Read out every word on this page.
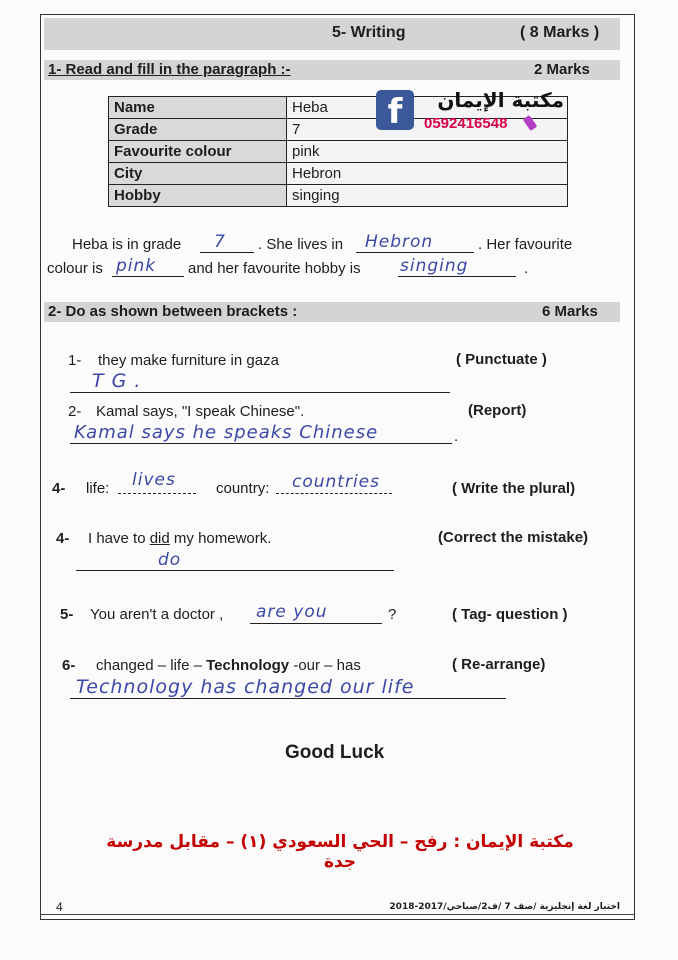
5- Writing	( 8 Marks )
1- Read and fill in the paragraph :-	2 Marks
Name	Heba
Grade	7
Favourite colour	pink
City	Hebron
Hobby	singing
f	مكتبة الإيمان
0592416548
Heba is in grade 7 . She lives in Hebron	. Her favourite
colour is pink and her favourite hobby is singing	.
2- Do as shown between brackets :	6 Marks
1- they make furniture in gaza	( Punctuate )
T G .
2- Kamal says, "I speak Chinese".	(Report)
Kamal says he speaks Chinese	.
4- life: lives	country: countries	( Write the plural)
4- I have to did my homework.	(Correct the mistake)
do
5- You aren't a doctor , are you	?	( Tag- question )
6- changed – life – Technology -our – has	( Re-arrange)
Technology has changed our life
Good Luck
مكتبة الإيمان : رفح – الحي السعودي (١) – مقابل مدرسة جدة
4	اختبار لغة إنجليزية /صف 7 /ف2/صباحي/2017-2018
